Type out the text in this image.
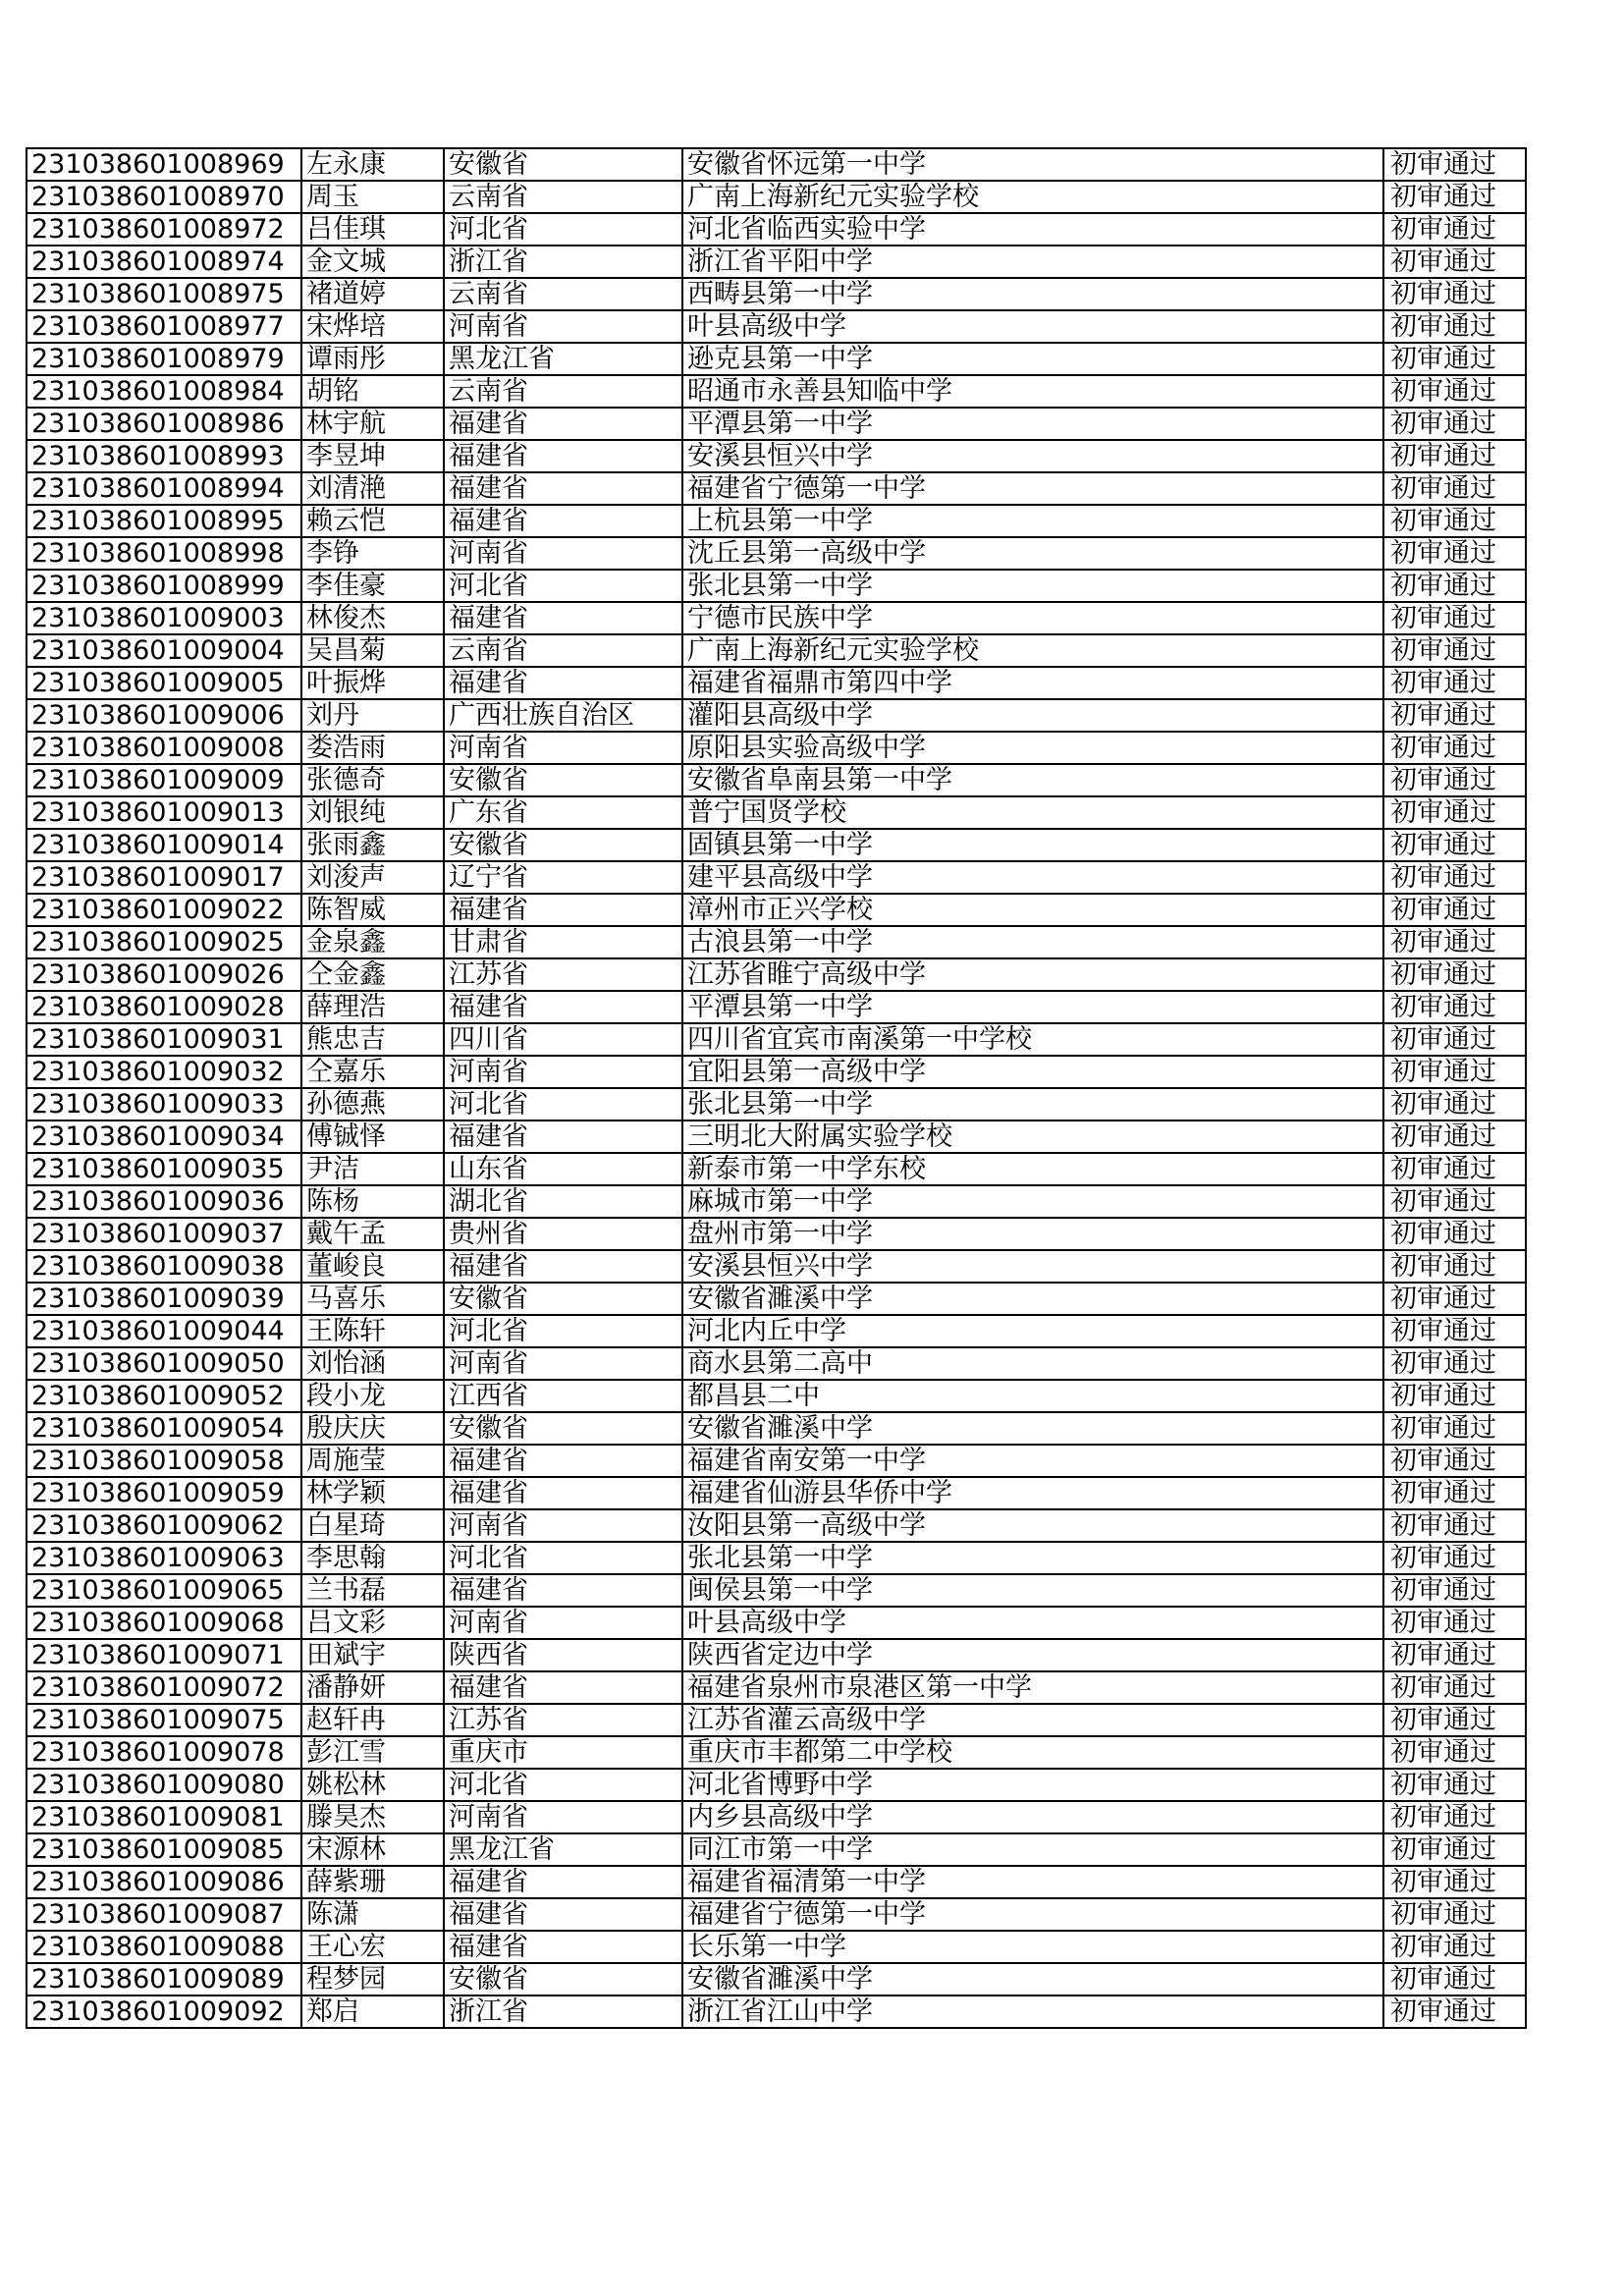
231038601008969	左永康	安徽省	安徽省怀远第一中学	初审通过
231038601008970	周玉	云南省	广南上海新纪元实验学校	初审通过
231038601008972	吕佳琪	河北省	河北省临西实验中学	初审通过
231038601008974	金文城	浙江省	浙江省平阳中学	初审通过
231038601008975	褚道婷	云南省	西畴县第一中学	初审通过
231038601008977	宋烨培	河南省	叶县高级中学	初审通过
231038601008979	谭雨彤	黑龙江省	逊克县第一中学	初审通过
231038601008984	胡铭	云南省	昭通市永善县知临中学	初审通过
231038601008986	林宇航	福建省	平潭县第一中学	初审通过
231038601008993	李昱坤	福建省	安溪县恒兴中学	初审通过
231038601008994	刘清滟	福建省	福建省宁德第一中学	初审通过
231038601008995	赖云恺	福建省	上杭县第一中学	初审通过
231038601008998	李铮	河南省	沈丘县第一高级中学	初审通过
231038601008999	李佳豪	河北省	张北县第一中学	初审通过
231038601009003	林俊杰	福建省	宁德市民族中学	初审通过
231038601009004	吴昌菊	云南省	广南上海新纪元实验学校	初审通过
231038601009005	叶振烨	福建省	福建省福鼎市第四中学	初审通过
231038601009006	刘丹	广西壮族自治区	灌阳县高级中学	初审通过
231038601009008	娄浩雨	河南省	原阳县实验高级中学	初审通过
231038601009009	张德奇	安徽省	安徽省阜南县第一中学	初审通过
231038601009013	刘银纯	广东省	普宁国贤学校	初审通过
231038601009014	张雨鑫	安徽省	固镇县第一中学	初审通过
231038601009017	刘浚声	辽宁省	建平县高级中学	初审通过
231038601009022	陈智威	福建省	漳州市正兴学校	初审通过
231038601009025	金泉鑫	甘肃省	古浪县第一中学	初审通过
231038601009026	仝金鑫	江苏省	江苏省睢宁高级中学	初审通过
231038601009028	薛理浩	福建省	平潭县第一中学	初审通过
231038601009031	熊忠吉	四川省	四川省宜宾市南溪第一中学校	初审通过
231038601009032	仝嘉乐	河南省	宜阳县第一高级中学	初审通过
231038601009033	孙德燕	河北省	张北县第一中学	初审通过
231038601009034	傅铖怿	福建省	三明北大附属实验学校	初审通过
231038601009035	尹洁	山东省	新泰市第一中学东校	初审通过
231038601009036	陈杨	湖北省	麻城市第一中学	初审通过
231038601009037	戴午孟	贵州省	盘州市第一中学	初审通过
231038601009038	董峻良	福建省	安溪县恒兴中学	初审通过
231038601009039	马喜乐	安徽省	安徽省濉溪中学	初审通过
231038601009044	王陈轩	河北省	河北内丘中学	初审通过
231038601009050	刘怡涵	河南省	商水县第二高中	初审通过
231038601009052	段小龙	江西省	都昌县二中	初审通过
231038601009054	殷庆庆	安徽省	安徽省濉溪中学	初审通过
231038601009058	周施莹	福建省	福建省南安第一中学	初审通过
231038601009059	林学颖	福建省	福建省仙游县华侨中学	初审通过
231038601009062	白星琦	河南省	汝阳县第一高级中学	初审通过
231038601009063	李思翰	河北省	张北县第一中学	初审通过
231038601009065	兰书磊	福建省	闽侯县第一中学	初审通过
231038601009068	吕文彩	河南省	叶县高级中学	初审通过
231038601009071	田斌宇	陕西省	陕西省定边中学	初审通过
231038601009072	潘静妍	福建省	福建省泉州市泉港区第一中学	初审通过
231038601009075	赵轩冉	江苏省	江苏省灌云高级中学	初审通过
231038601009078	彭江雪	重庆市	重庆市丰都第二中学校	初审通过
231038601009080	姚松林	河北省	河北省博野中学	初审通过
231038601009081	滕昊杰	河南省	内乡县高级中学	初审通过
231038601009085	宋源林	黑龙江省	同江市第一中学	初审通过
231038601009086	薛紫珊	福建省	福建省福清第一中学	初审通过
231038601009087	陈潇	福建省	福建省宁德第一中学	初审通过
231038601009088	王心宏	福建省	长乐第一中学	初审通过
231038601009089	程梦园	安徽省	安徽省濉溪中学	初审通过
231038601009092	郑启	浙江省	浙江省江山中学	初审通过
